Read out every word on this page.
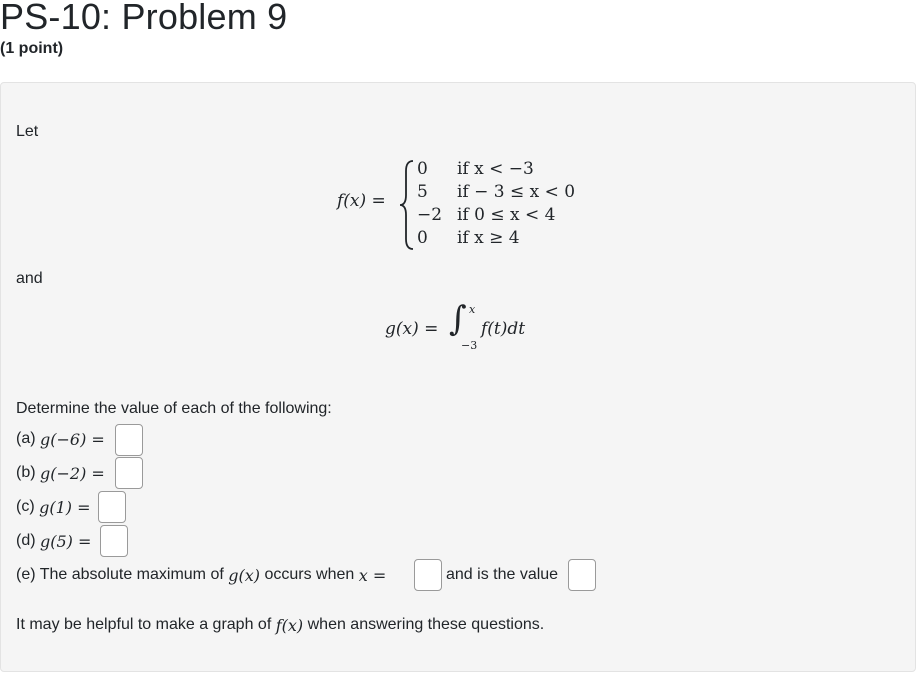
PS-10: Problem 9
(1 point)
Let
f(x) =
0 if x < −3
5 if − 3 ≤ x < 0
−2 if 0 ≤ x < 4
0 if x ≥ 4
and
g(x) = ∫ x
−3
f(t)dt
Determine the value of each of the following:
(a)
g(−6) =
(b)
g(−2) =
(c)
g(1) =
(d)
g(5) =
(e) The absolute maximum of
g(x)
occurs when
x =	and is the value
It may be helpful to make a graph of
f(x)
when answering these questions.
